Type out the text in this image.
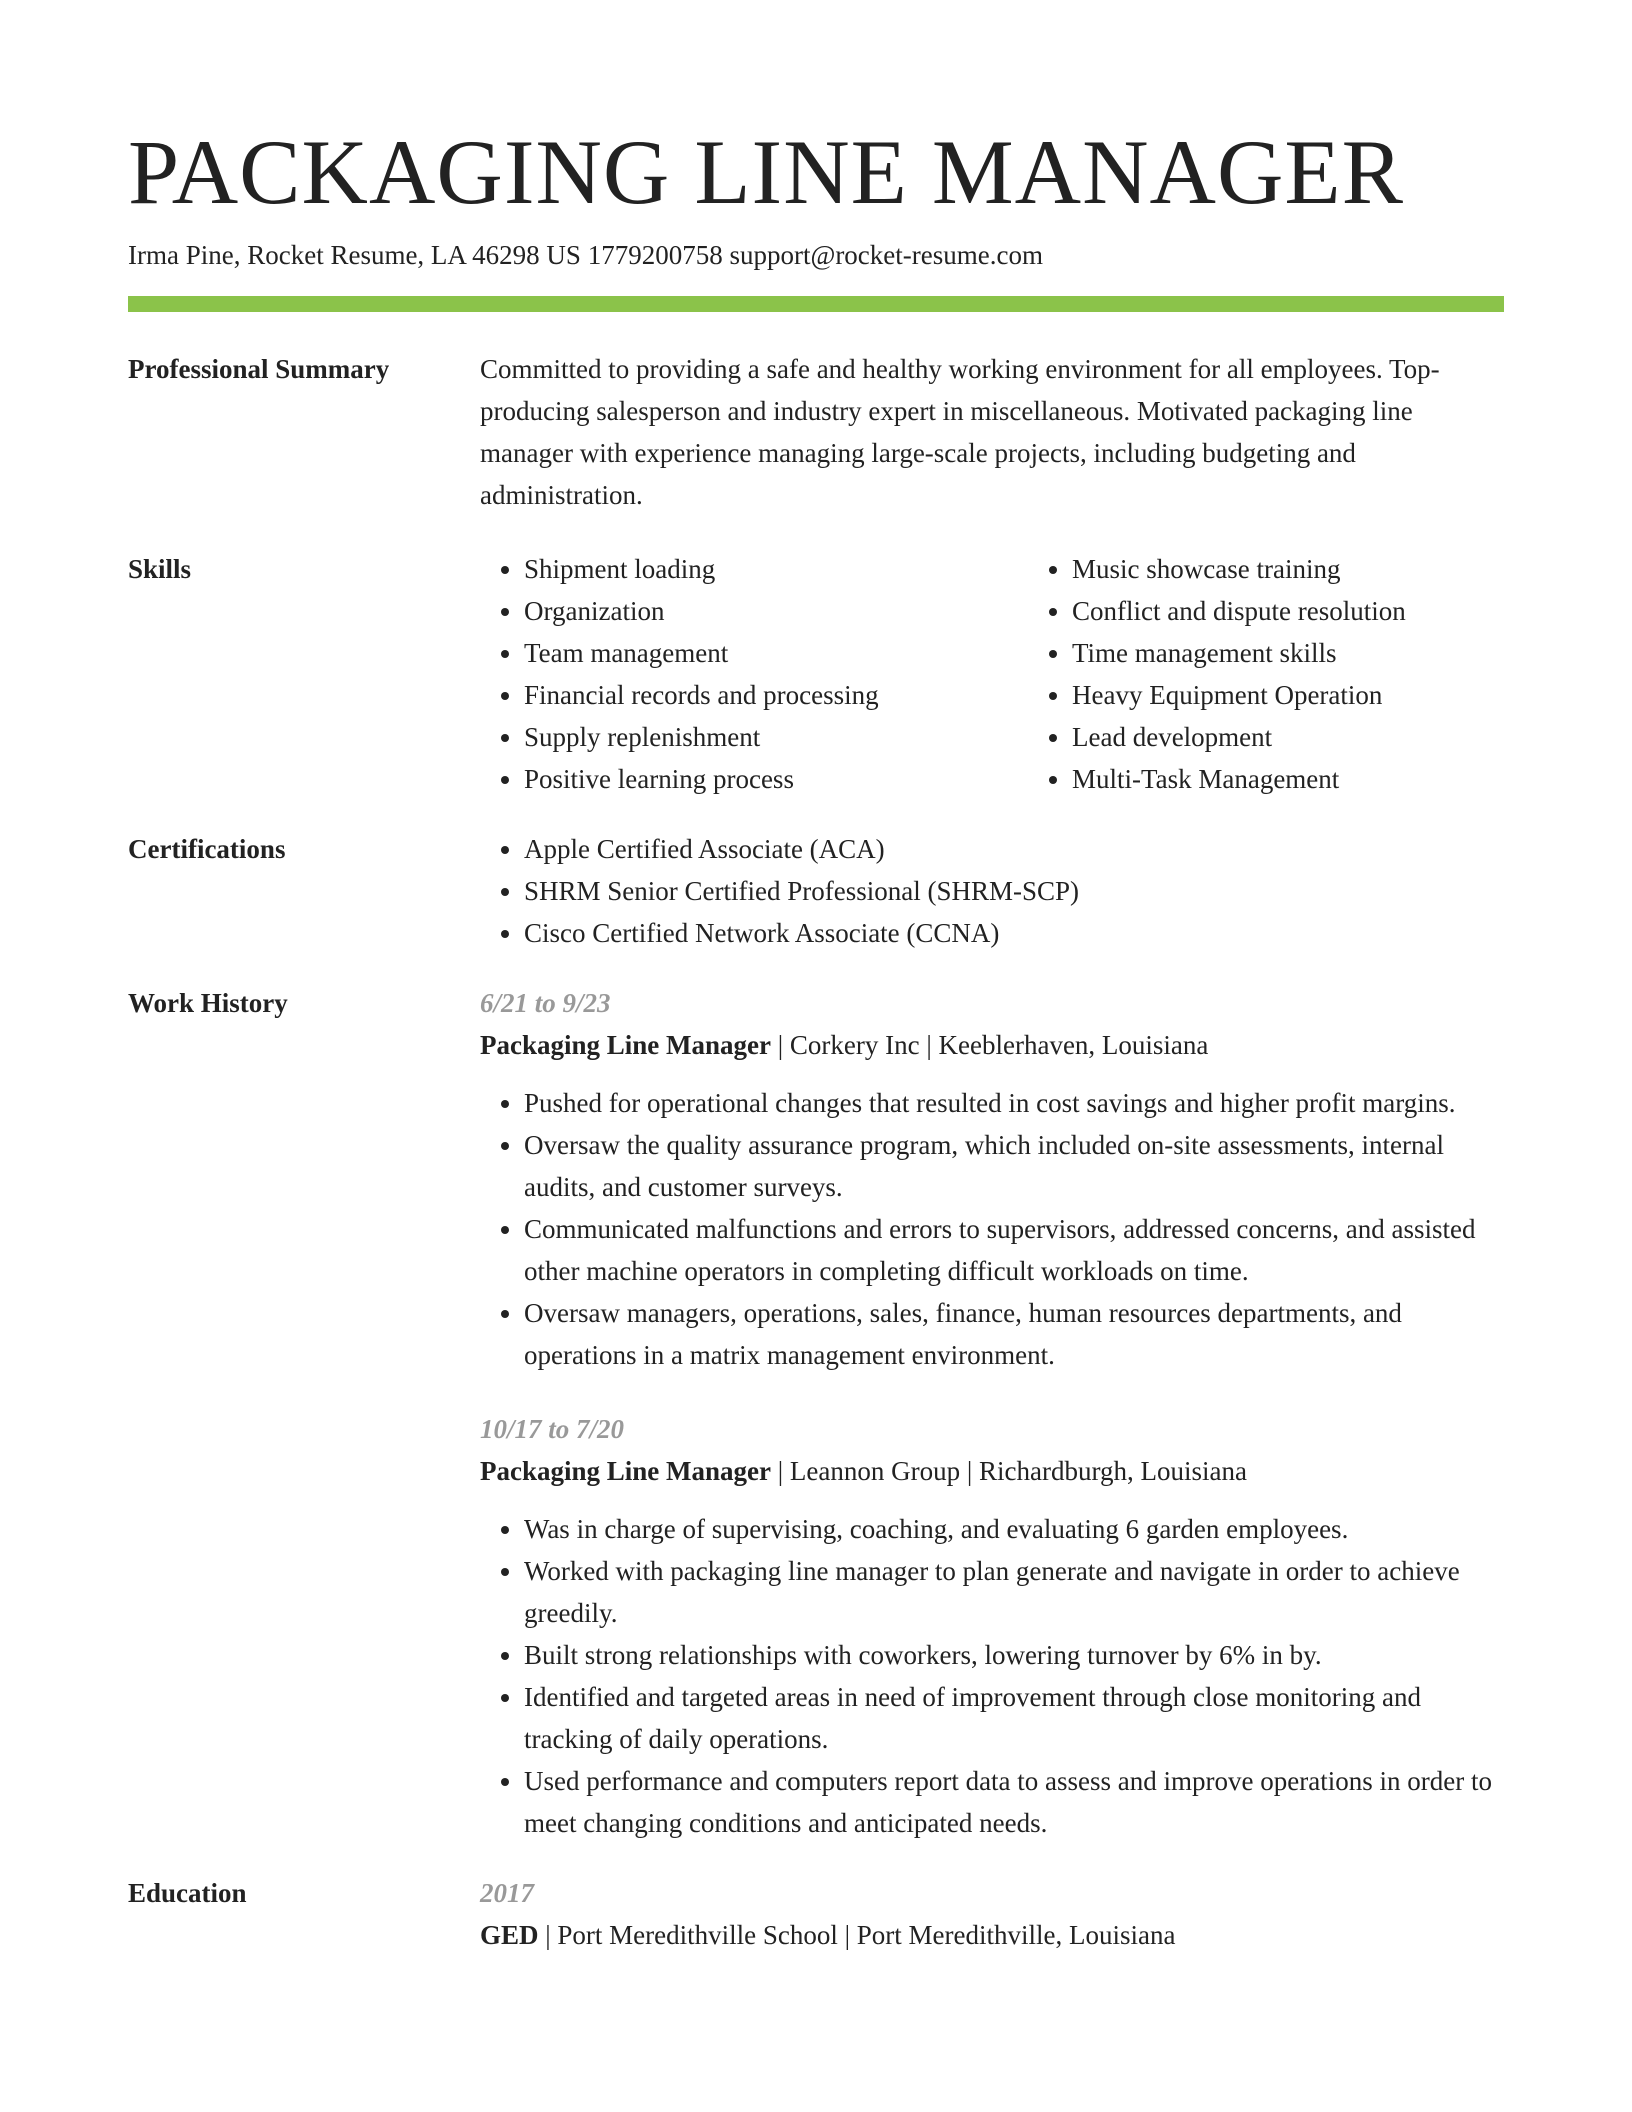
PACKAGING LINE MANAGER
Irma Pine, Rocket Resume, LA 46298 US 1779200758 support@rocket-resume.com
Professional Summary	Committed to providing a safe and healthy working environment for all employees. Top-producing salesperson and industry expert in miscellaneous. Motivated packaging line manager with experience managing large-scale projects, including budgeting and administration.

Skills	• Shipment loading
• Organization
• Team management
• Financial records and processing
• Supply replenishment
• Positive learning process
• Music showcase training
• Conflict and dispute resolution
• Time management skills
• Heavy Equipment Operation
• Lead development
• Multi-Task Management
Certifications	• Apple Certified Associate (ACA)
• SHRM Senior Certified Professional (SHRM-SCP)
• Cisco Certified Network Associate (CCNA)
Work History	6/21 to 9/23
Packaging Line Manager | Corkery Inc | Keeblerhaven, Louisiana
• Pushed for operational changes that resulted in cost savings and higher profit margins.
• Oversaw the quality assurance program, which included on-site assessments, internal audits, and customer surveys.
• Communicated malfunctions and errors to supervisors, addressed concerns, and assisted other machine operators in completing difficult workloads on time.
• Oversaw managers, operations, sales, finance, human resources departments, and operations in a matrix management environment.
10/17 to 7/20
Packaging Line Manager | Leannon Group | Richardburgh, Louisiana
• Was in charge of supervising, coaching, and evaluating 6 garden employees.
• Worked with packaging line manager to plan generate and navigate in order to achieve greedily.
• Built strong relationships with coworkers, lowering turnover by 6% in by.
• Identified and targeted areas in need of improvement through close monitoring and tracking of daily operations.
• Used performance and computers report data to assess and improve operations in order to meet changing conditions and anticipated needs.
Education	2017
GED | Port Meredithville School | Port Meredithville, Louisiana
